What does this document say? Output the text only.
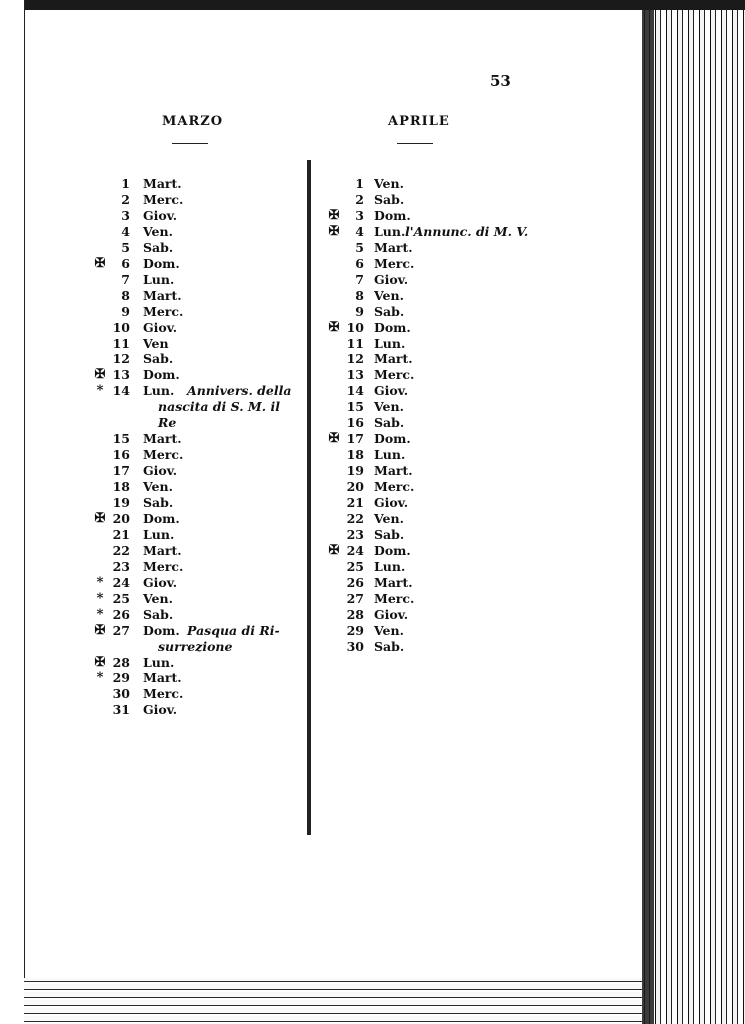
53
MARZO	APRILE
1 Mart.
2 Merc.
3 Giov.
4 Ven.
5 Sab.
✠	6 Dom.
7 Lun.
8 Mart.
9 Merc.
10 Giov.
11 Ven
12 Sab.
✠ 13 Dom.
* 14 Lun. Annivers. della
nascita di S. M. il
Re
15 Mart.
16 Merc.
17 Giov.
18 Ven.
19 Sab.
✠ 20 Dom.
21 Lun.
22 Mart.
23 Merc.
* 24 Giov.
* 25 Ven.
* 26 Sab.
✠ 27 Dom. Pasqua di Ri-
surrezione
✠ 28 Lun.
* 29 Mart.
30 Merc.
31 Giov.
1 Ven.
2 Sab.
✠	3 Dom.
✠	4 Lun. l'Annunc. di M. V.
5 Mart.
6 Merc.
7 Giov.
8 Ven.
9 Sab.
✠ 10 Dom.
11 Lun.
12 Mart.
13 Merc.
14 Giov.
15 Ven.
16 Sab.
✠ 17 Dom.
18 Lun.
19 Mart.
20 Merc.
21 Giov.
22 Ven.
23 Sab.
✠ 24 Dom.
25 Lun.
26 Mart.
27 Merc.
28 Giov.
29 Ven.
30 Sab.
